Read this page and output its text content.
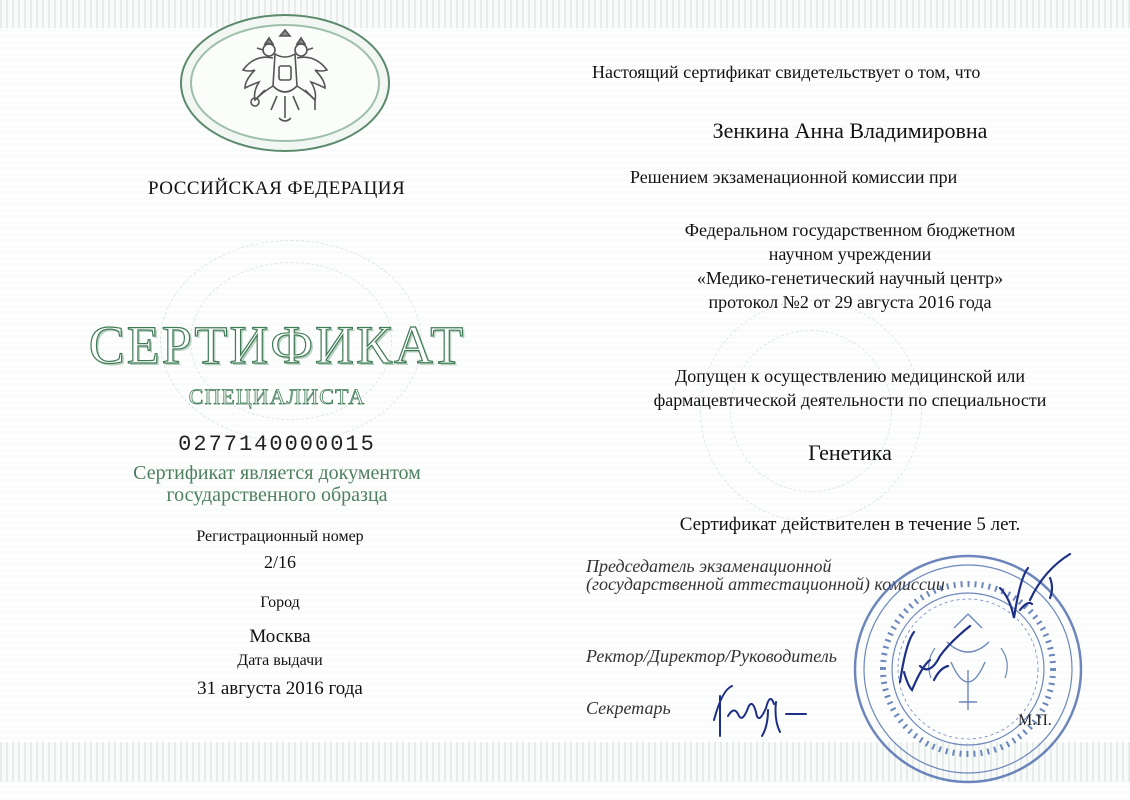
РОССИЙСКАЯ ФЕДЕРАЦИЯ
СЕРТИФИКАТ
СПЕЦИАЛИСТА
0277140000015
Сертификат является документом
государственного образца
Регистрационный номер
2/16
Город
Москва
Дата выдачи
31 августа 2016 года
Настоящий сертификат свидетельствует о том, что
Зенкина Анна Владимировна
Решением экзаменационной комиссии при
Федеральном государственном бюджетном
научном учреждении
«Медико-генетический научный центр»
протокол №2 от 29 августа 2016 года
Допущен к осуществлению медицинской или
фармацевтической деятельности по специальности
Генетика
Сертификат действителен в течение 5 лет.
Председатель экзаменационной
(государственной аттестационной) комиссии
Ректор/Директор/Руководитель
Секретарь
М.П.
